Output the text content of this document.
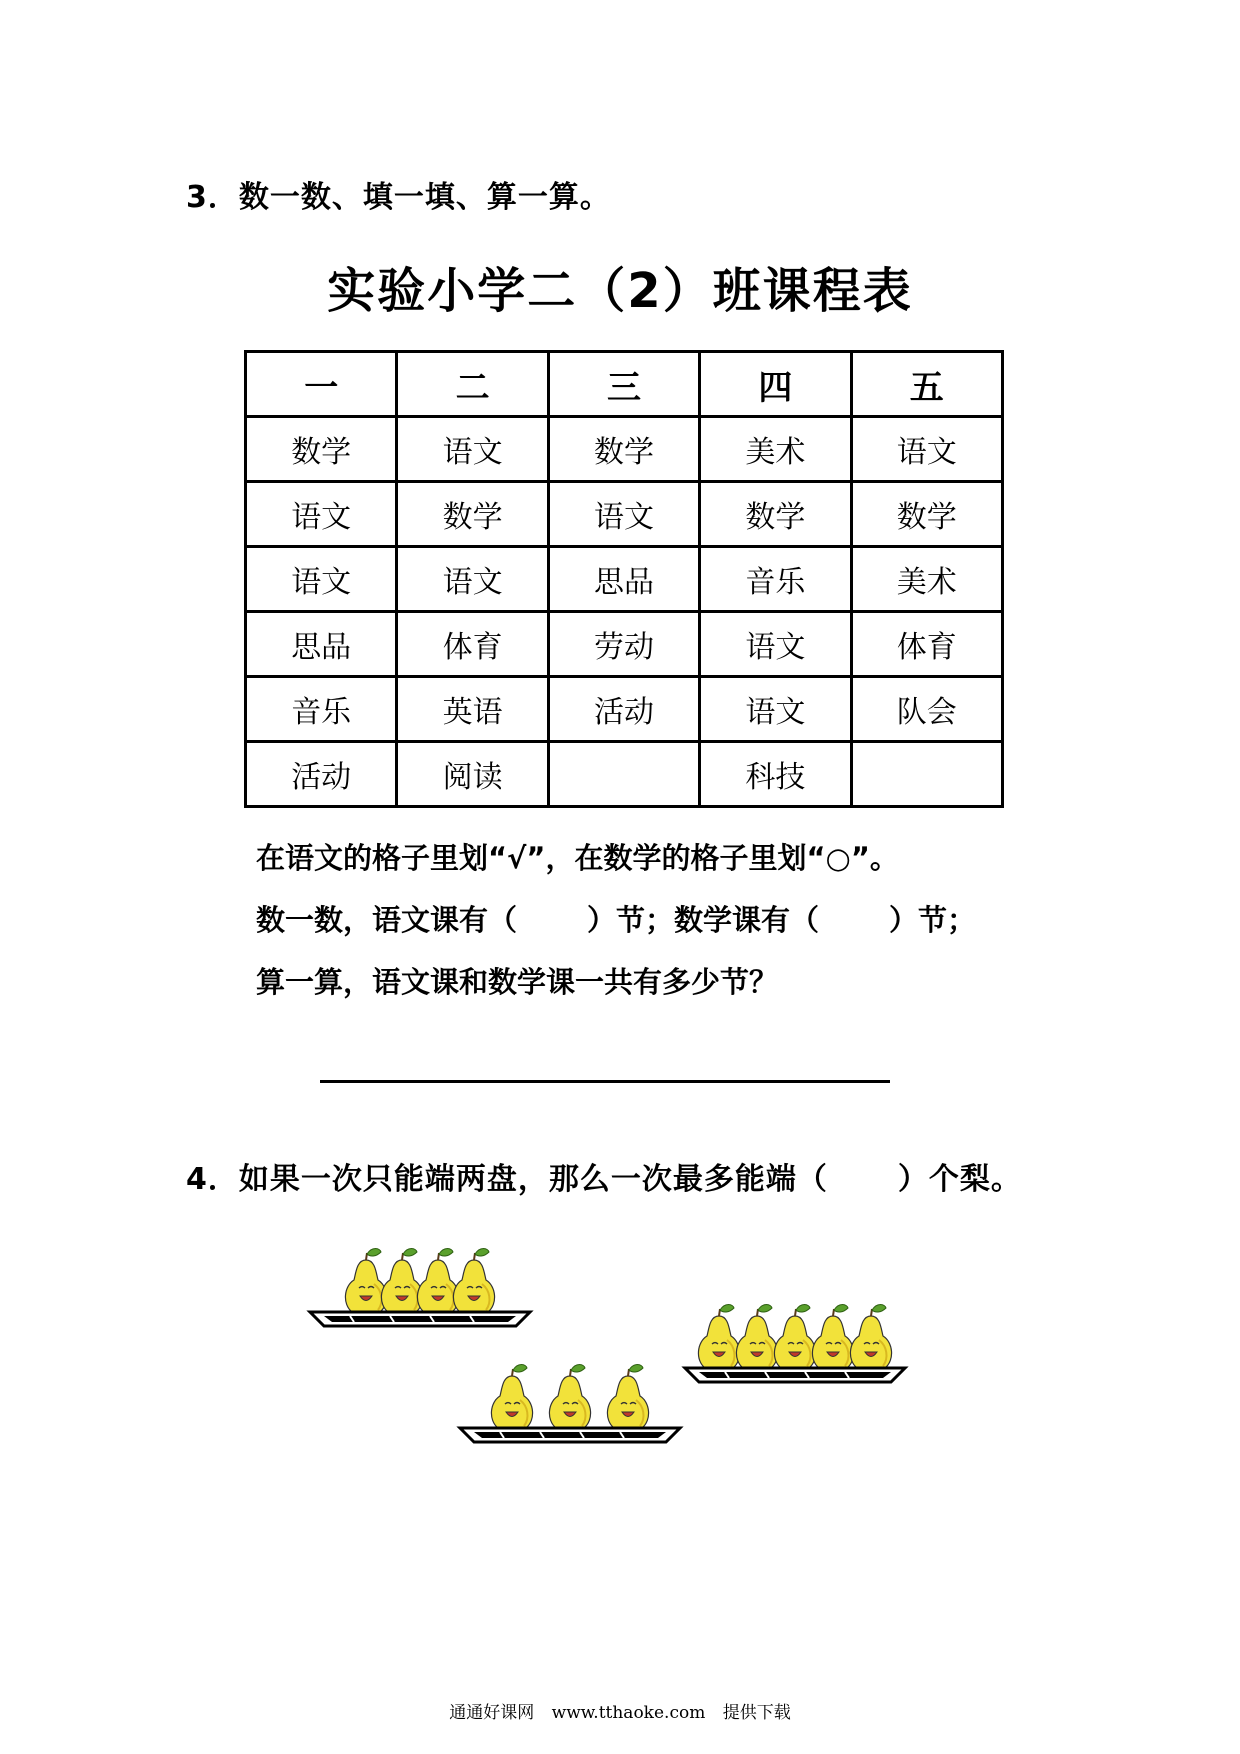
3．数一数、填一填、算一算。
实验小学二（2）班课程表
一	二	三	四	五
数学	语文	数学	美术	语文
语文	数学	语文	数学	数学
语文	语文	思品	音乐	美术
思品	体育	劳动	语文	体育
音乐	英语	活动	语文	队会
活动	阅读		科技	
在语文的格子里划“√”，在数学的格子里划“○”。
数一数，语文课有（ ）节；数学课有（ ）节；
算一算，语文课和数学课一共有多少节？
4．如果一次只能端两盘，那么一次最多能端（ ）个梨。
通通好课网 www.tthaoke.com 提供下载
